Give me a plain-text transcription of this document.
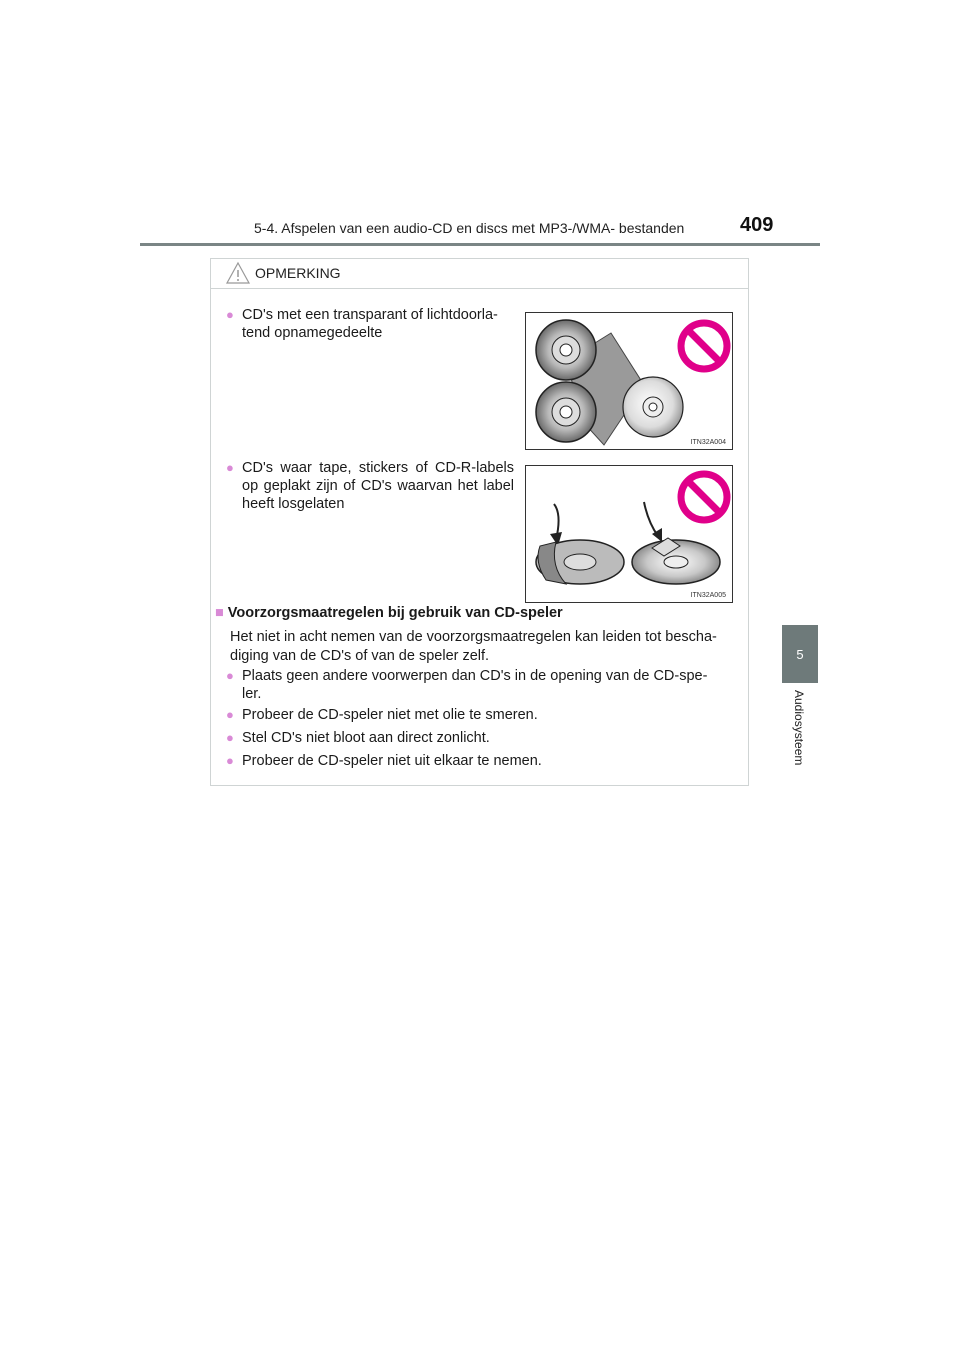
5-4. Afspelen van een audio-CD en discs met MP3-/WMA- bestanden	409
5
Audiosysteem
OPMERKING
● CD's met een transparant of lichtdoorla-
tend opnamegedeelte
ITN32A004
● CD's waar tape, stickers of CD-R-labels op geplakt zijn of CD's waarvan het label heeft losgelaten
ITN32A005
■ Voorzorgsmaatregelen bij gebruik van CD-speler
Het niet in acht nemen van de voorzorgsmaatregelen kan leiden tot bescha-
diging van de CD's of van de speler zelf.
● Plaats geen andere voorwerpen dan CD's in de opening van de CD-spe-
ler.
● Probeer de CD-speler niet met olie te smeren.
● Stel CD's niet bloot aan direct zonlicht.
● Probeer de CD-speler niet uit elkaar te nemen.
